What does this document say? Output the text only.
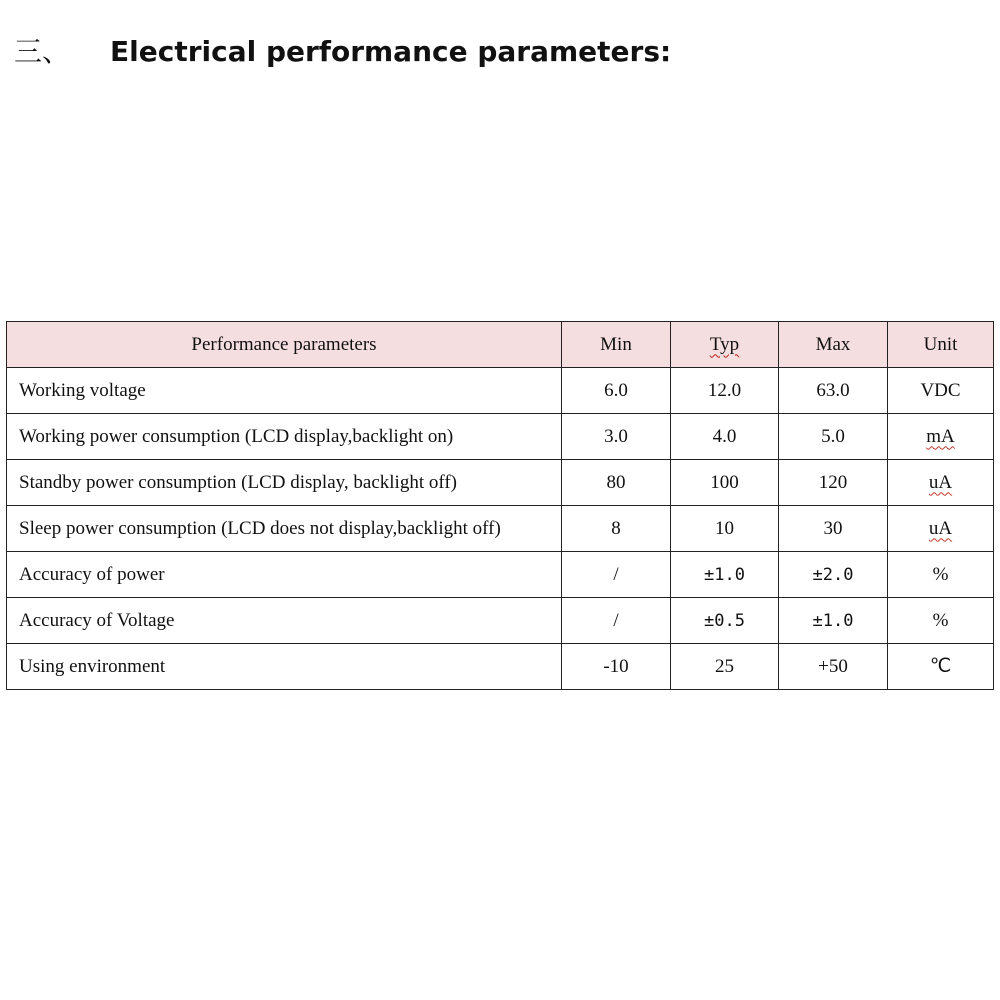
三、 Electrical performance parameters:
Performance parameters	Min	Typ	Max	Unit
Working voltage	6.0	12.0	63.0	VDC
Working power consumption (LCD display,backlight on)	3.0	4.0	5.0	mA
Standby power consumption (LCD display, backlight off)	80	100	120	uA
Sleep power consumption (LCD does not display,backlight off)	8	10	30	uA
Accuracy of power	/	±1.0	±2.0	%
Accuracy of Voltage	/	±0.5	±1.0	%
Using environment	-10	25	+50	℃
